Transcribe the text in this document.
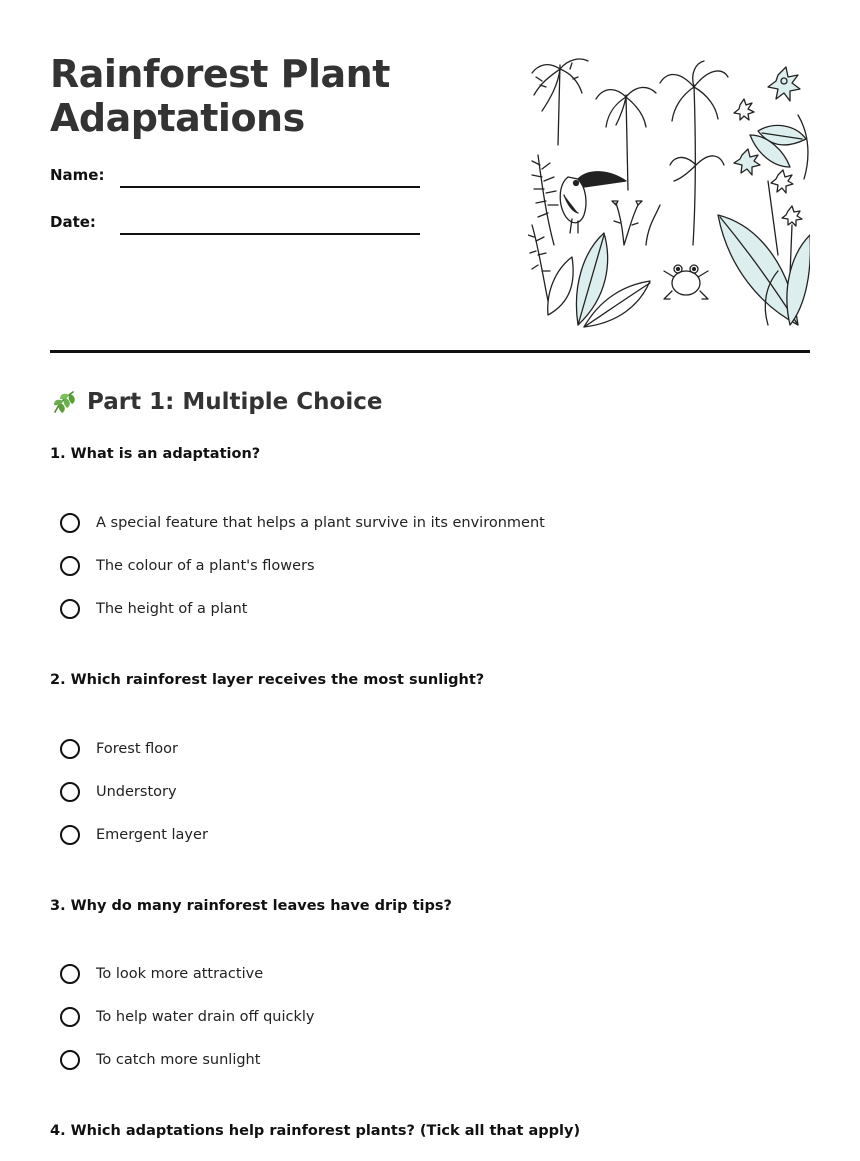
Rainforest Plant
Adaptations
Name:
Date:
Part 1: Multiple Choice

1. What is an adaptation?

A special feature that helps a plant survive in its environment
The colour of a plant's flowers
The height of a plant

2. Which rainforest layer receives the most sunlight?

Forest floor
Understory
Emergent layer

3. Why do many rainforest leaves have drip tips?

To look more attractive
To help water drain off quickly
To catch more sunlight

4. Which adaptations help rainforest plants? (Tick all that apply)
